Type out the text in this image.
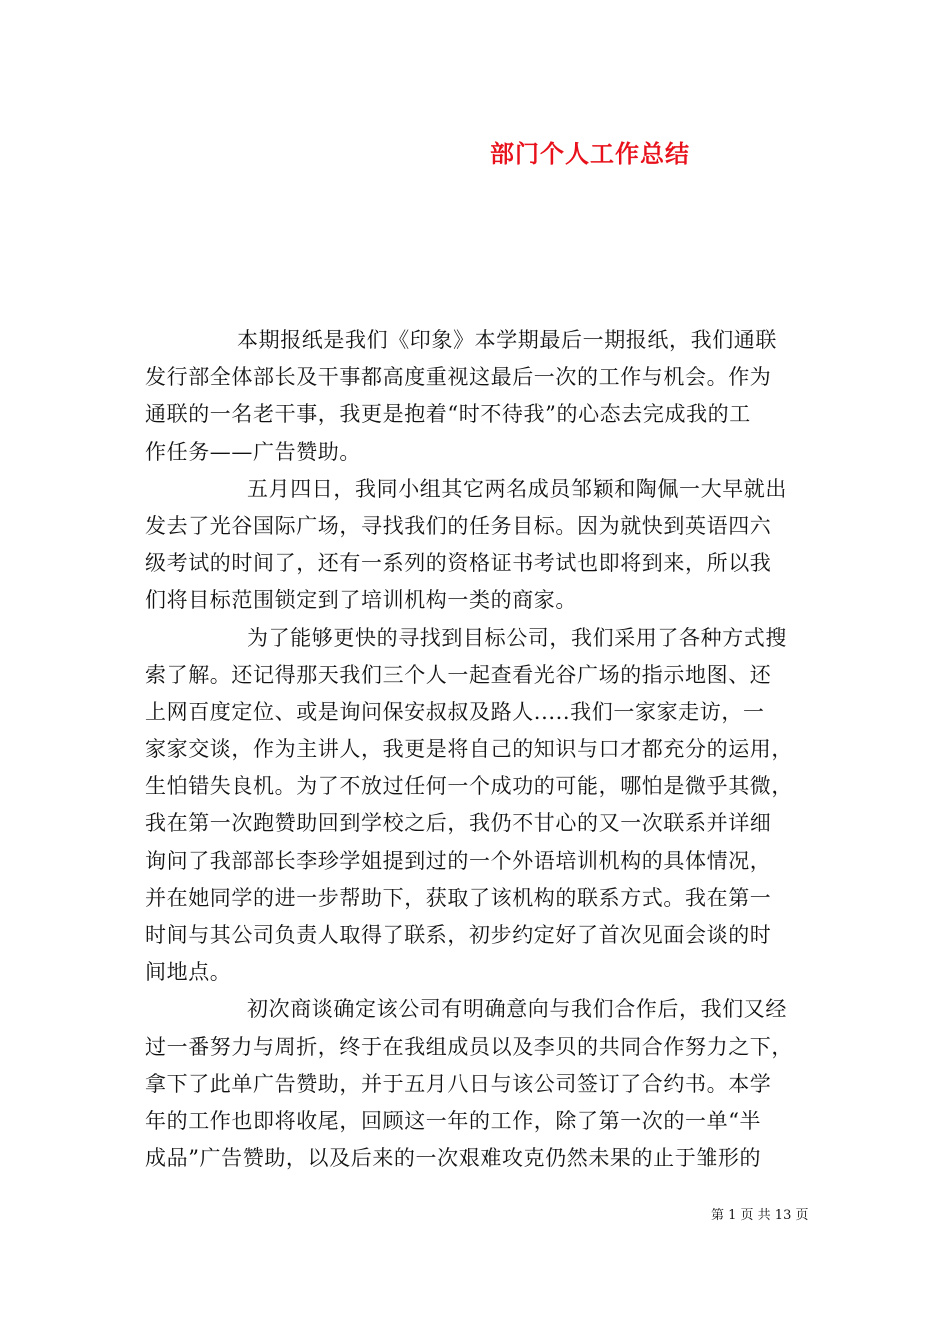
部门个人工作总结
本期报纸是我们《印象》本学期最后一期报纸，我们通联
发行部全体部长及干事都高度重视这最后一次的工作与机会。作为
通联的一名老干事，我更是抱着“时不待我”的心态去完成我的工
作任务——广告赞助。
五月四日，我同小组其它两名成员邹颖和陶佩一大早就出
发去了光谷国际广场，寻找我们的任务目标。因为就快到英语四六
级考试的时间了，还有一系列的资格证书考试也即将到来，所以我
们将目标范围锁定到了培训机构一类的商家。
为了能够更快的寻找到目标公司，我们采用了各种方式搜
索了解。还记得那天我们三个人一起查看光谷广场的指示地图、还
上网百度定位、或是询问保安叔叔及路人.....我们一家家走访，一
家家交谈，作为主讲人，我更是将自己的知识与口才都充分的运用，
生怕错失良机。为了不放过任何一个成功的可能，哪怕是微乎其微，
我在第一次跑赞助回到学校之后，我仍不甘心的又一次联系并详细
询问了我部部长李珍学姐提到过的一个外语培训机构的具体情况，
并在她同学的进一步帮助下，获取了该机构的联系方式。我在第一
时间与其公司负责人取得了联系，初步约定好了首次见面会谈的时
间地点。
初次商谈确定该公司有明确意向与我们合作后，我们又经
过一番努力与周折，终于在我组成员以及李贝的共同合作努力之下，
拿下了此单广告赞助，并于五月八日与该公司签订了合约书。本学
年的工作也即将收尾，回顾这一年的工作，除了第一次的一单“半
成品”广告赞助，以及后来的一次艰难攻克仍然未果的止于雏形的
第 1 页 共 13 页
